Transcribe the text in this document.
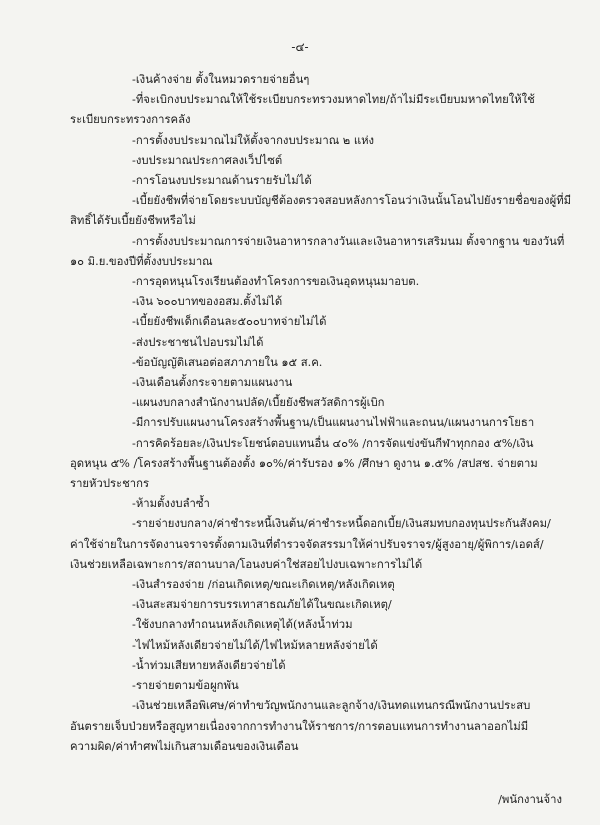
-๔-
-เงินค้างจ่าย ตั้งในหมวดรายจ่ายอื่นๆ
-ที่จะเบิกงบประมาณให้ใช้ระเบียบกระทรวงมหาดไทย/ถ้าไม่มีระเบียบมหาดไทยให้ใช้
ระเบียบกระทรวงการคลัง
-การตั้งงบประมาณไม่ให้ตั้งจากงบประมาณ ๒ แห่ง
-งบประมาณประกาศลงเว็ปไซต์
-การโอนงบประมาณด้านรายรับไม่ได้
-เบี้ยยังชีพที่จ่ายโดยระบบบัญชีต้องตรวจสอบหลังการโอนว่าเงินนั้นโอนไปยังรายชื่อของผู้ที่มี
สิทธิ์ได้รับเบี้ยยังชีพหรือไม่
-การตั้งงบประมาณการจ่ายเงินอาหารกลางวันและเงินอาหารเสริมนม ตั้งจากฐาน ของวันที่
๑๐ มิ.ย.ของปีที่ตั้งงบประมาณ
-การอุดหนุนโรงเรียนต้องทำโครงการขอเงินอุดหนุนมาอบต.
-เงิน ๖๐๐บาทของอสม.ตั้งไม่ได้
-เบี้ยยังชีพเด็กเดือนละ๕๐๐บาทจ่ายไม่ได้
-ส่งประชาชนไปอบรมไม่ได้
-ข้อบัญญัติเสนอต่อสภาภายใน ๑๕ ส.ค.
-เงินเดือนตั้งกระจายตามแผนงาน
-แผนงบกลางสำนักงานปลัด/เบี้ยยังชีพสวัสดิการผู้เบิก
-มีการปรับแผนงานโครงสร้างพื้นฐาน/เป็นแผนงานไฟฟ้าและถนน/แผนงานการโยธา
-การคิดร้อยละ/เงินประโยชน์ตอบแทนอื่น ๔๐% /การจัดแข่งขันกีฬาทุกกอง ๕%/เงิน
อุดหนุน ๕% /โครงสร้างพื้นฐานต้องตั้ง ๑๐%/ค่ารับรอง ๑% /ศึกษา ดูงาน ๑.๕% /สปสช. จ่ายตาม
รายหัวประชากร
-ห้ามตั้งงบลำซ้ำ
-รายจ่ายงบกลาง/ค่าชำระหนี้เงินต้น/ค่าชำระหนี้ดอกเบี้ย/เงินสมทบกองทุนประกันสังคม/
ค่าใช้จ่ายในการจัดงานจราจรตั้งตามเงินที่ตำรวจจัดสรรมาให้ค่าปรับจราจร/ผู้สูงอายุ/ผู้พิการ/เอดส์/
เงินช่วยเหลือเฉพาะการ/สถานบาล/โอนงบค่าใช่สอยไปงบเฉพาะการไม่ได้
-เงินสำรองจ่าย /ก่อนเกิดเหตุ/ขณะเกิดเหตุ/หลังเกิดเหตุ
-เงินสะสมจ่ายการบรรเทาสาธณภัยได้ในขณะเกิดเหตุ/
-ใช้งบกลางทำถนนหลังเกิดเหตุได้(หลังน้ำท่วม
-ไฟไหม้หลังเดียวจ่ายไม่ได้/ไฟไหม้หลายหลังจ่ายได้
-น้ำท่วมเสียหายหลังเดียวจ่ายได้
-รายจ่ายตามข้อผูกพัน
-เงินช่วยเหลือพิเศษ/ค่าทำขวัญพนักงานและลูกจ้าง/เงินทดแทนกรณีพนักงานประสบ
อันตรายเจ็บป่วยหรือสูญหายเนื่องจากการทำงานให้ราชการ/การตอบแทนการทำงานลาออกไม่มี
ความผิด/ค่าทำศพไม่เกินสามเดือนของเงินเดือน
/พนักงานจ้าง
